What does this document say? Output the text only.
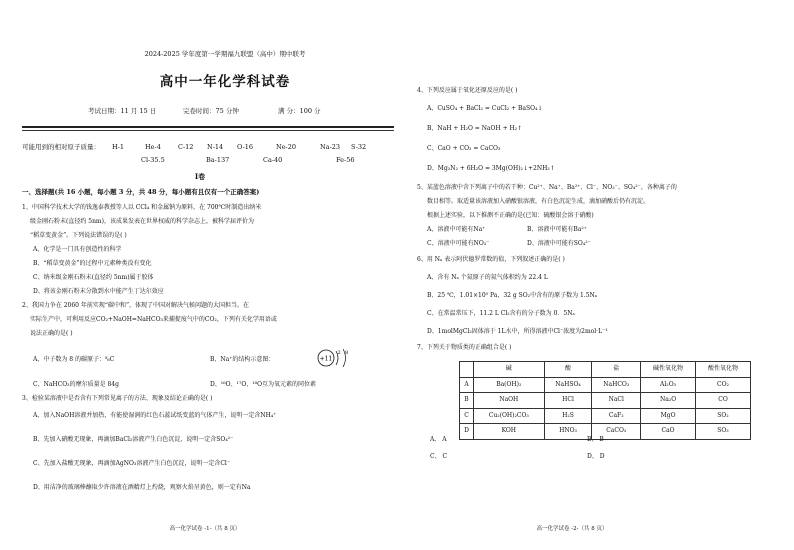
2024-2025 学年度第一学期福九联盟（高中）期中联考
高中一年化学科试卷
考试日期：11 月 15 日	完卷时间：75 分钟	满 分：100 分
可能用到的相对原子质量： H-1	He-4	C-12 N-14 O-16	Ne-20	Na-23 S-32
Cl-35.5	Ba-137	Ca-40	Fe-56
Ⅰ卷
一、选择题(共 16 小题，每小题 3 分，共 48 分，每小题有且仅有一个正确答案)
1、中国科学技术大学的钱逸泰教授等人以 CCl₄ 和金属钠为原料，在 700℃时制造出纳米
级金刚石粉末(直径约 5nm)，该成果发表在世界权威的科学杂志上，被科学届评价为
“稻草变黄金”。下列说法错误的是( )
A、化学是一门具有创造性的科学
B、“稻草变黄金”的过程中元素种类没有变化
C、纳米级金刚石粉末(直径约 5nm)属于胶体
D、将该金刚石粉末分散到水中能产生丁达尔效应
2、我国力争在 2060 年前实现“碳中和”，体现了中国对解决气候问题的大国担当。在
实际生产中，可利用反应CO₂+NaOH=NaHCO₃来捕捉废气中的CO₂，下列有关化学用语或
说法正确的是( )
A、中子数为 8 的碳原子：⁸₆C	B、Na⁺的结构示意图：	+11
2 8
C、NaHCO₃的摩尔质量是 84g	D、¹⁶O、¹⁷O、¹⁸O互为氧元素的同位素
3、检验某溶液中是否含有下列常见离子的方法、现象及结论正确的是( )
A、加入NaOH溶液并加热，有能使湿润的红色石蕊试纸变蓝的气体产生，说明一定含NH₄⁺
B、先加入硝酸无现象，再滴加BaCl₂溶液产生白色沉淀，说明一定含SO₄²⁻
C、先加入盐酸无现象，再滴加AgNO₃溶液产生白色沉淀，说明一定含Cl⁻
D、用洁净的玻璃棒蘸取少许溶液在酒精灯上灼烧，观察火焰呈黄色，则一定有Na
高一化学试卷 -1-（共 8 页）
4、下列反应属于氧化还原反应的是( )
A、CuSO₄ + BaCl₂ = CuCl₂ + BaSO₄↓
B、NaH + H₂O = NaOH + H₂↑
C、CaO + CO₂ = CaCO₃
D、Mg₃N₂ + 6H₂O = 3Mg(OH)₂↓+2NH₃↑
5、某蓝色溶液中含下列离子中的若干种：Cu²⁺、Na⁺、Ba²⁺、Cl⁻、NO₃⁻、SO₄²⁻，各种离子的
数目相等。取适量该溶液加入硝酸银溶液，有白色沉淀生成，滴加硝酸后仍有沉淀。
根据上述实验，以下推测不正确的是(已知：硫酸银会溶于硝酸)
A、溶液中可能有Na⁺	B、溶液中可能有Ba²⁺
C、溶液中可能有NO₃⁻	D、溶液中可能有SO₄²⁻
6、用 Nₐ 表示阿伏德罗常数的值，下列叙述正确的是( )
A、含有 Nₐ 个氦原子的氦气体积约为 22.4 L
B、25 ℃，1.01×10⁵ Pa，32 g SO₂中含有的原子数为 1.5Nₐ
C、在常温常压下，11.2 L Cl₂含有的分子数为 0．5Nₐ
D、1molMgCl₂固体溶于 1L水中，所得溶液中Cl⁻浓度为2mol·L⁻¹
7、下列关于物质类的正确组合是( )
	碱	酸	盐	碱性氧化物	酸性氧化物
A	Ba(OH)₂	NaHSO₄	NaHCO₃	Al₂O₃	CO₂
B	NaOH	HCl	NaCl	Na₂O	CO
C	Cu₂(OH)₂CO₃	H₂S	CaF₂	MgO	SO₂
D	KOH	HNO₃	CaCO₃	CaO	SO₃
A、 A	B、 B
C、 C	D、 D
高一化学试卷 -2-（共 8 页）
